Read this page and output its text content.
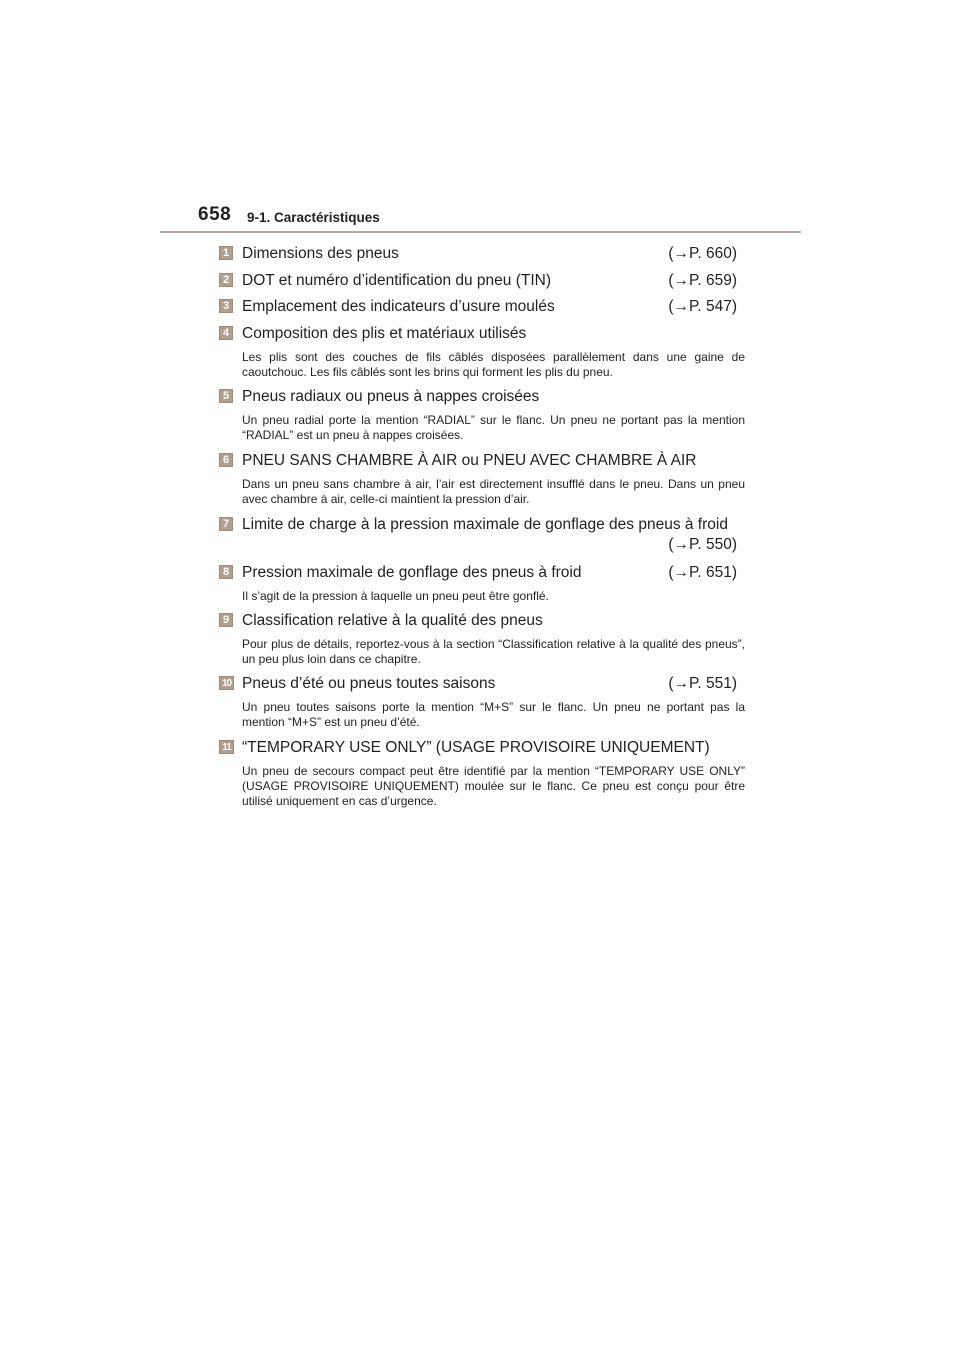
658 9-1. Caractéristiques
1 Dimensions des pneus	(→P. 660)
2 DOT et numéro d’identification du pneu (TIN)	(→P. 659)
3 Emplacement des indicateurs d’usure moulés	(→P. 547)
4 Composition des plis et matériaux utilisés
Les plis sont des couches de fils câblés disposées parallèlement dans une gaine de caoutchouc. Les fils câblés sont les brins qui forment les plis du pneu.
5 Pneus radiaux ou pneus à nappes croisées
Un pneu radial porte la mention “RADIAL” sur le flanc. Un pneu ne portant pas la mention “RADIAL” est un pneu à nappes croisées.
6 PNEU SANS CHAMBRE À AIR ou PNEU AVEC CHAMBRE À AIR
Dans un pneu sans chambre à air, l’air est directement insufflé dans le pneu. Dans un pneu avec chambre à air, celle-ci maintient la pression d’air.
7 Limite de charge à la pression maximale de gonflage des pneus à froid
(→P. 550)
8 Pression maximale de gonflage des pneus à froid	(→P. 651)
Il s’agit de la pression à laquelle un pneu peut être gonflé.
9 Classification relative à la qualité des pneus
Pour plus de détails, reportez-vous à la section “Classification relative à la qualité des pneus”, un peu plus loin dans ce chapitre.
10 Pneus d’été ou pneus toutes saisons	(→P. 551)
Un pneu toutes saisons porte la mention “M+S” sur le flanc. Un pneu ne portant pas la mention “M+S” est un pneu d’été.
11 “TEMPORARY USE ONLY” (USAGE PROVISOIRE UNIQUEMENT)
Un pneu de secours compact peut être identifié par la mention “TEMPORARY USE ONLY” (USAGE PROVISOIRE UNIQUEMENT) moulée sur le flanc. Ce pneu est conçu pour être utilisé uniquement en cas d’urgence.
